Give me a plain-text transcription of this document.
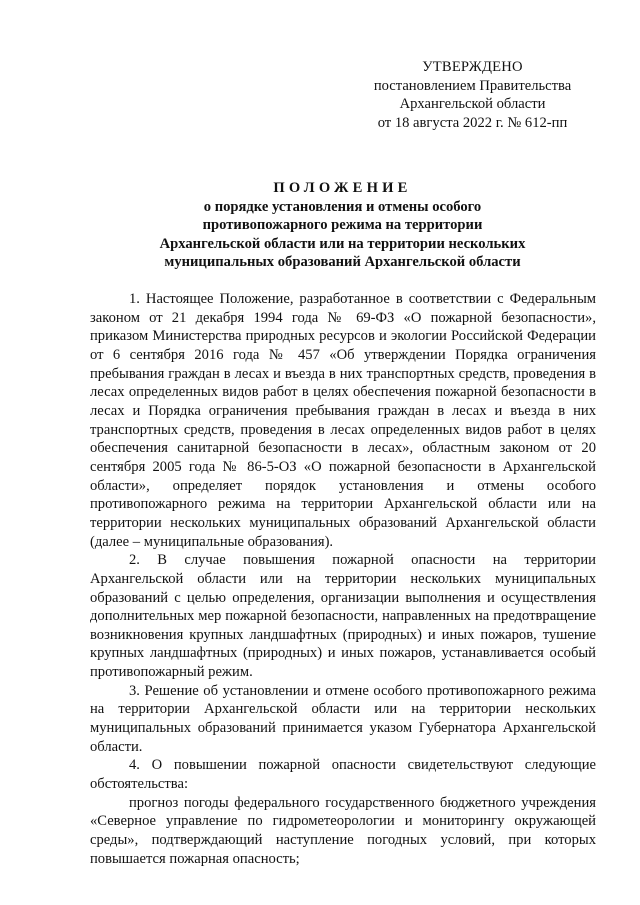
УТВЕРЖДЕНО
постановлением Правительства
Архангельской области
от 18 августа 2022 г. № 612-пп
ПОЛОЖЕНИЕ
о порядке установления и отмены особого
противопожарного режима на территории
Архангельской области или на территории нескольких
муниципальных образований Архангельской области

1. Настоящее Положение, разработанное в соответствии с Федеральным законом от 21 декабря 1994 года № 69-ФЗ «О пожарной безопасности», приказом Министерства природных ресурсов и экологии Российской Федерации от 6 сентября 2016 года № 457 «Об утверждении Порядка ограничения пребывания граждан в лесах и въезда в них транспортных средств, проведения в лесах определенных видов работ в целях обеспечения пожарной безопасности в лесах и Порядка ограничения пребывания граждан в лесах и въезда в них транспортных средств, проведения в лесах определенных видов работ в целях обеспечения санитарной безопасности в лесах», областным законом от 20 сентября 2005 года № 86-5-ОЗ «О пожарной безопасности в Архангельской области», определяет порядок установления и отмены особого противопожарного режима на территории Архангельской области или на территории нескольких муниципальных образований Архангельской области (далее – муниципальные образования).

2. В случае повышения пожарной опасности на территории Архангельской области или на территории нескольких муниципальных образований с целью определения, организации выполнения и осуществления дополнительных мер пожарной безопасности, направленных на предотвращение возникновения крупных ландшафтных (природных) и иных пожаров, тушение крупных ландшафтных (природных) и иных пожаров, устанавливается особый противопожарный режим.

3. Решение об установлении и отмене особого противопожарного режима на территории Архангельской области или на территории нескольких муниципальных образований принимается указом Губернатора Архангельской области.

4. О повышении пожарной опасности свидетельствуют следующие обстоятельства:

прогноз погоды федерального государственного бюджетного учреждения «Северное управление по гидрометеорологии и мониторингу окружающей среды», подтверждающий наступление погодных условий, при которых повышается пожарная опасность;
